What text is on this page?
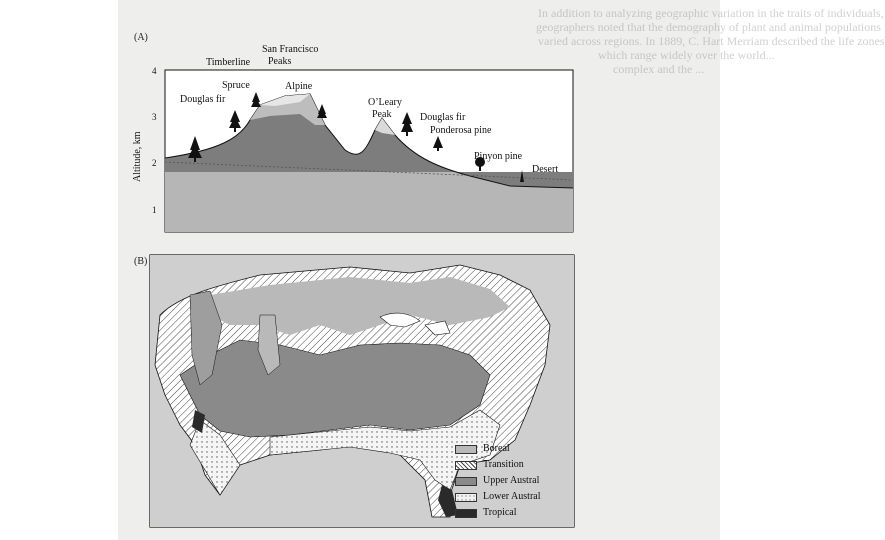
In addition to analyzing geographic variation in the traits of individuals,
geographers noted that the demography of plant and animal populations
varied across regions. In 1889, C. Hart Merriam described the life zones
which range widely over the world...
complex and the ...
(A)
San Francisco
Peaks
O’Leary
Peak
Timberline
Spruce	Alpine
Douglas fir
Douglas fir
Ponderosa pine
Pinyon pine
Desert
Altitude, km
4
3
2
1
(B)
Boreal
Transition
Upper Austral
Lower Austral
Tropical
